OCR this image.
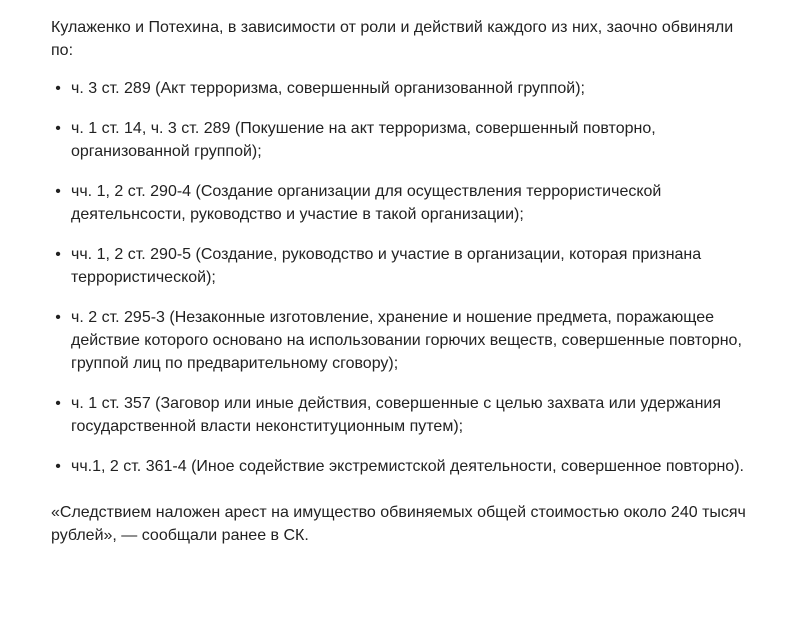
Кулаженко и Потехина, в зависимости от роли и действий каждого из них, заочно обвиняли по:

• ч. 3 ст. 289 (Акт терроризма, совершенный организованной группой);
• ч. 1 ст. 14, ч. 3 ст. 289 (Покушение на акт терроризма, совершенный повторно, организованной группой);
• чч. 1, 2 ст. 290-4 (Создание организации для осуществления террористической деятельнсости, руководство и участие в такой организации);
• чч. 1, 2 ст. 290-5 (Создание, руководство и участие в организации, которая признана террористической);
• ч. 2 ст. 295-3 (Незаконные изготовление, хранение и ношение предмета, поражающее действие которого основано на использовании горючих веществ, совершенные повторно, группой лиц по предварительному сговору);
• ч. 1 ст. 357 (Заговор или иные действия, совершенные с целью захвата или удержания государственной власти неконституционным путем);
• чч.1, 2 ст. 361-4 (Иное содействие экстремистской деятельности, совершенное повторно).

«Следствием наложен арест на имущество обвиняемых общей стоимостью около 240 тысяч рублей», — сообщали ранее в СК.
